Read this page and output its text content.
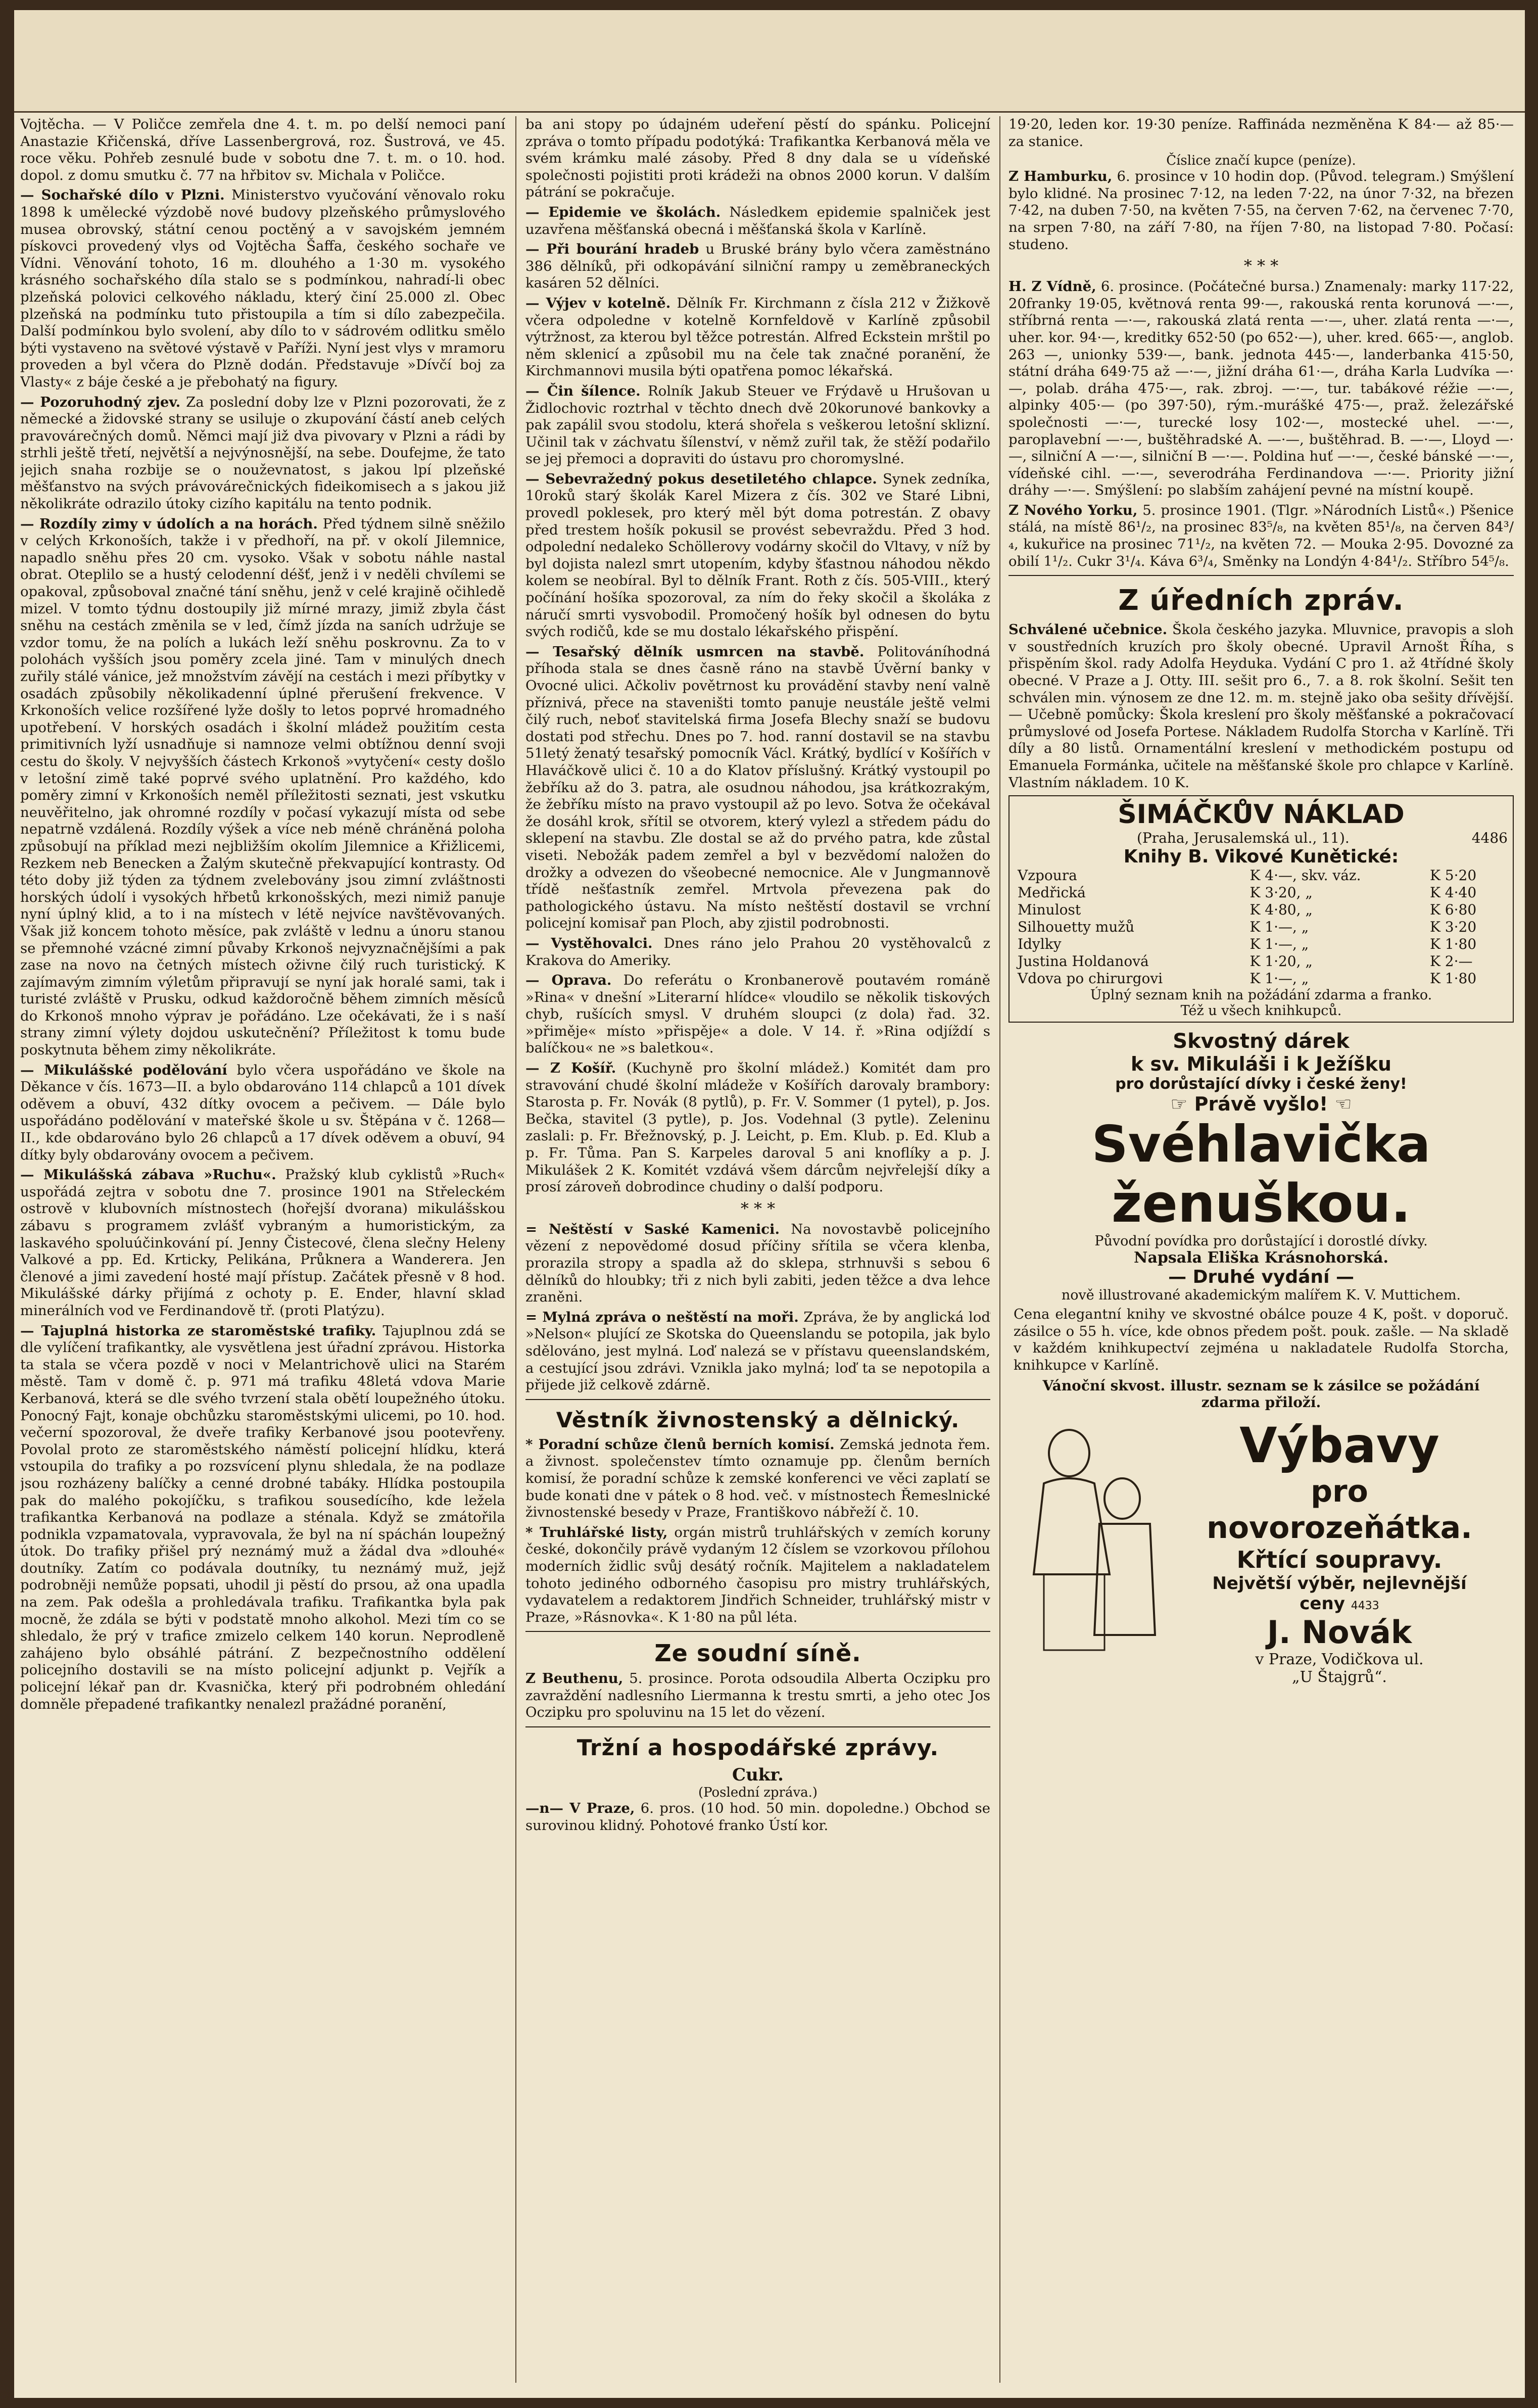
Vojtěcha. — V Poličce zemřela dne 4. t. m. po delší nemoci paní Anastazie Křičenská, dříve Lassenbergrová, roz. Šustrová, ve 45. roce věku. Pohřeb zesnulé bude v sobotu dne 7. t. m. o 10. hod. dopol. z domu smutku č. 77 na hřbitov sv. Michala v Poličce.

— Sochařské dílo v Plzni. Ministerstvo vyučování věnovalo roku 1898 k umělecké výzdobě nové budovy plzeňského průmyslového musea obrovský, státní cenou poctěný a v savojském jemném pískovci provedený vlys od Vojtěcha Šaffa, českého sochaře ve Vídni. Věnování tohoto, 16 m. dlouhého a 1·30 m. vysokého krásného sochařského díla stalo se s podmínkou, nahradí-li obec plzeňská polovici celkového nákladu, který činí 25.000 zl. Obec plzeňská na podmínku tuto přistoupila a tím si dílo zabezpečila. Další podmínkou bylo svolení, aby dílo to v sádrovém odlitku smělo býti vystaveno na světové výstavě v Paříži. Nyní jest vlys v mramoru proveden a byl včera do Plzně dodán. Představuje »Dívčí boj za Vlasty« z báje české a je přebohatý na figury.

— Pozoruhodný zjev. Za poslední doby lze v Plzni pozorovati, že z německé a židovské strany se usiluje o zkupování částí aneb celých pravovárečných domů. Němci mají již dva pivovary v Plzni a rádi by strhli ještě třetí, největší a nejvýnosnější, na sebe. Doufejme, že tato jejich snaha rozbije se o nouževnatost, s jakou lpí plzeňské měšťanstvo na svých právovárečnických fideikomisech a s jakou již několikráte odrazilo útoky cizího kapitálu na tento podnik.

— Rozdíly zimy v údolích a na horách. Před týdnem silně sněžilo v celých Krkonoších, takže i v předhoří, na př. v okolí Jilemnice, napadlo sněhu přes 20 cm. vysoko. Však v sobotu náhle nastal obrat. Oteplilo se a hustý celodenní déšť, jenž i v neděli chvílemi se opakoval, způsoboval značné tání sněhu, jenž v celé krajině očihledě mizel. V tomto týdnu dostoupily již mírné mrazy, jimiž zbyla část sněhu na cestách změnila se v led, čímž jízda na saních udržuje se vzdor tomu, že na polích a lukách leží sněhu poskrovnu. Za to v polohách vyšších jsou poměry zcela jiné. Tam v minulých dnech zuřily stálé vánice, jež množstvím závějí na cestách i mezi příbytky v osadách způsobily několikadenní úplné přerušení frekvence. V Krkonoších velice rozšířené lyže došly to letos poprvé hromadného upotřebení. V horských osadách i školní mládež použitím cesta primitivních lyží usnadňuje si namnoze velmi obtížnou denní svoji cestu do školy. V nejvyšších částech Krkonoš »vytyčení« cesty došlo v letošní zimě také poprvé svého uplatnění. Pro každého, kdo poměry zimní v Krkonoších neměl příležitosti seznati, jest vskutku neuvěřitelno, jak ohromné rozdíly v počasí vykazují místa od sebe nepatrně vzdálená. Rozdíly výšek a více neb méně chráněná poloha způsobují na příklad mezi nejbližším okolím Jilemnice a Křižlicemi, Rezkem neb Benecken a Žalým skutečně překvapující kontrasty. Od této doby již týden za týdnem zvelebovány jsou zimní zvláštnosti horských údolí i vysokých hřbetů krkonošských, mezi nimiž panuje nyní úplný klid, a to i na místech v létě nejvíce navštěvovaných. Však již koncem tohoto měsíce, pak zvláště v lednu a únoru stanou se přemnohé vzácné zimní půvaby Krkonoš nejvyznačnějšími a pak zase na novo na četných místech oživne čilý ruch turistický. K zajímavým zimním výletům připravují se nyní jak horalé sami, tak i turisté zvláště v Prusku, odkud každoročně během zimních měsíců do Krkonoš mnoho výprav je pořádáno. Lze očekávati, že i s naší strany zimní výlety dojdou uskutečnění? Příležitost k tomu bude poskytnuta během zimy několikráte.

— Mikulášské podělování bylo včera uspořádáno ve škole na Děkance v čís. 1673—II. a bylo obdarováno 114 chlapců a 101 dívek oděvem a obuví, 432 dítky ovocem a pečivem. — Dále bylo uspořádáno podělování v mateřské škole u sv. Štěpána v č. 1268—II., kde obdarováno bylo 26 chlapců a 17 dívek oděvem a obuví, 94 dítky byly obdarovány ovocem a pečivem.

— Mikulášská zábava »Ruchu«. Pražský klub cyklistů »Ruch« uspořádá zejtra v sobotu dne 7. prosince 1901 na Střeleckém ostrově v klubovních místnostech (hořejší dvorana) mikulášskou zábavu s programem zvlášť vybraným a humoristickým, za laskavého spoluúčinkování pí. Jenny Čistecové, člena slečny Heleny Valkové a pp. Ed. Krticky, Pelikána, Průknera a Wanderera. Jen členové a jimi zavedení hosté mají přístup. Začátek přesně v 8 hod. Mikulášské dárky přijímá z ochoty p. E. Ender, hlavní sklad minerálních vod ve Ferdinandově tř. (proti Platýzu).

— Tajuplná historka ze staroměstské trafiky. Tajuplnou zdá se dle vylíčení trafikantky, ale vysvětlena jest úřadní zprávou. Historka ta stala se včera pozdě v noci v Melantrichově ulici na Starém městě. Tam v domě č. p. 971 má trafiku 48letá vdova Marie Kerbanová, která se dle svého tvrzení stala obětí loupežného útoku. Ponocný Fajt, konaje obchůzku staroměstskými ulicemi, po 10. hod. večerní spozoroval, že dveře trafiky Kerbanové jsou pootevřeny. Povolal proto ze staroměstského náměstí policejní hlídku, která vstoupila do trafiky a po rozsvícení plynu shledala, že na podlaze jsou rozházeny balíčky a cenné drobné tabáky. Hlídka postoupila pak do malého pokojíčku, s trafikou sousedícího, kde ležela trafikantka Kerbanová na podlaze a sténala. Když se zmátořila podnikla vzpamatovala, vypravovala, že byl na ní spáchán loupežný útok. Do trafiky přišel prý neznámý muž a žádal dva »dlouhé« doutníky. Zatím co podávala doutníky, tu neznámý muž, jejž podrobněji nemůže popsati, uhodil ji pěstí do prsou, až ona upadla na zem. Pak odešla a prohledávala trafiku. Trafikantka byla pak mocně, že zdála se býti v podstatě mnoho alkohol. Mezi tím co se shledalo, že prý v trafice zmizelo celkem 140 korun. Neprodleně zahájeno bylo obsáhlé pátrání. Z bezpečnostního oddělení policejního dostavili se na místo policejní adjunkt p. Vejřík a policejní lékař pan dr. Kvasnička, který při podrobném ohledání domněle přepadené trafikantky nenalezl pražádné poranění,

ba ani stopy po údajném udeření pěstí do spánku. Policejní zpráva o tomto případu podotýká: Trafikantka Kerbanová měla ve svém krámku malé zásoby. Před 8 dny dala se u vídeňské společnosti pojistiti proti krádeži na obnos 2000 korun. V dalším pátrání se pokračuje.

— Epidemie ve školách. Následkem epidemie spalniček jest uzavřena měšťanská obecná i měšťanská škola v Karlíně.

— Při bourání hradeb u Bruské brány bylo včera zaměstnáno 386 dělníků, při odkopávání silniční rampy u zeměbraneckých kasáren 52 dělníci.

— Výjev v kotelně. Dělník Fr. Kirchmann z čísla 212 v Žižkově včera odpoledne v kotelně Kornfeldově v Karlíně způsobil výtržnost, za kterou byl těžce potrestán. Alfred Eckstein mrštil po něm sklenicí a způsobil mu na čele tak značné poranění, že Kirchmannovi musila býti opatřena pomoc lékařská.

— Čin šílence. Rolník Jakub Steuer ve Frýdavě u Hrušovan u Židlochovic roztrhal v těchto dnech dvě 20korunové bankovky a pak zapálil svou stodolu, která shořela s veškerou letošní sklizní. Učinil tak v záchvatu šílenství, v němž zuřil tak, že stěží podařilo se jej přemoci a dopraviti do ústavu pro choromyslné.

— Sebevražedný pokus desetiletého chlapce. Synek zedníka, 10roků starý školák Karel Mizera z čís. 302 ve Staré Libni, provedl poklesek, pro který měl být doma potrestán. Z obavy před trestem hošík pokusil se provést sebevraždu. Před 3 hod. odpolední nedaleko Schöllerovy vodárny skočil do Vltavy, v níž by byl dojista nalezl smrt utopením, kdyby šťastnou náhodou někdo kolem se neobíral. Byl to dělník Frant. Roth z čís. 505-VIII., který počínání hošíka spozoroval, za ním do řeky skočil a školáka z náručí smrti vysvobodil. Promočený hošík byl odnesen do bytu svých rodičů, kde se mu dostalo lékařského přispění.

— Tesařský dělník usmrcen na stavbě. Politováníhodná příhoda stala se dnes časně ráno na stavbě Úvěrní banky v Ovocné ulici. Ačkoliv povětrnost ku provádění stavby není valně příznivá, přece na staveništi tomto panuje neustále ještě velmi čilý ruch, neboť stavitelská firma Josefa Blechy snaží se budovu dostati pod střechu. Dnes po 7. hod. ranní dostavil se na stavbu 51letý ženatý tesařský pomocník Václ. Krátký, bydlící v Košířích v Hlaváčkově ulici č. 10 a do Klatov příslušný. Krátký vystoupil po žebříku až do 3. patra, ale osudnou náhodou, jsa krátkozrakým, že žebříku místo na pravo vystoupil až po levo. Sotva že očekával že dosáhl krok, sřítil se otvorem, který vylezl a středem pádu do sklepení na stavbu. Zle dostal se až do prvého patra, kde zůstal viseti. Nebožák padem zemřel a byl v bezvědomí naložen do drožky a odvezen do všeobecné nemocnice. Ale v Jungmannově třídě nešťastník zemřel. Mrtvola převezena pak do pathologického ústavu. Na místo neštěstí dostavil se vrchní policejní komisař pan Ploch, aby zjistil podrobnosti.

— Vystěhovalci. Dnes ráno jelo Prahou 20 vystěhovalců z Krakova do Ameriky.

— Oprava. Do referátu o Kronbanerově poutavém románě »Rina« v dnešní »Literarní hlídce« vloudilo se několik tiskových chyb, rušících smysl. V druhém sloupci (z dola) řad. 32. »přiměje« místo »přispěje« a dole. V 14. ř. »Rina odjíždí s balíčkou« ne »s baletkou«.

— Z Košíř. (Kuchyně pro školní mládež.) Komitét dam pro stravování chudé školní mládeže v Košířích darovaly brambory: Starosta p. Fr. Novák (8 pytlů), p. Fr. V. Sommer (1 pytel), p. Jos. Bečka, stavitel (3 pytle), p. Jos. Vodehnal (3 pytle). Zeleninu zaslali: p. Fr. Břežnovský, p. J. Leicht, p. Em. Klub. p. Ed. Klub a p. Fr. Tůma. Pan S. Karpeles daroval 5 ani knoflíky a p. J. Mikulášek 2 K. Komitét vzdává všem dárcům nejvřelejší díky a prosí zároveň dobrodince chudiny o další podporu.

* * *

= Neštěstí v Saské Kamenici. Na novostavbě policejního vězení z nepovědomé dosud příčiny sřítila se včera klenba, prorazila stropy a spadla až do sklepa, strhnuvši s sebou 6 dělníků do hloubky; tři z nich byli zabiti, jeden těžce a dva lehce zraněni.

= Mylná zpráva o neštěstí na moři. Zpráva, že by anglická loď »Nelson« plující ze Skotska do Queenslandu se potopila, jak bylo sdělováno, jest mylná. Loď nalezá se v přístavu queenslandském, a cestující jsou zdrávi. Vznikla jako mylná; loď ta se nepotopila a přijede již celkově zdárně.

Věstník živnostenský a dělnický.

* Poradní schůze členů berních komisí. Zemská jednota řem. a živnost. společenstev tímto oznamuje pp. členům berních komisí, že poradní schůze k zemské konferenci ve věci zaplatí se bude konati dne v pátek o 8 hod. več. v místnostech Řemeslnické živnostenské besedy v Praze, Františkovo nábřeží č. 10.

* Truhlářské listy, orgán mistrů truhlářských v zemích koruny české, dokončily právě vydaným 12 číslem se vzorkovou přílohou moderních židlic svůj desátý ročník. Majitelem a nakladatelem tohoto jediného odborného časopisu pro mistry truhlářských, vydavatelem a redaktorem Jindřich Schneider, truhlářský mistr v Praze, »Rásnovka«. K 1·80 na půl léta.

Ze soudní síně.

Z Beuthenu, 5. prosince. Porota odsoudila Alberta Oczipku pro zavraždění nadlesního Liermanna k trestu smrti, a jeho otec Jos Oczipku pro spoluvinu na 15 let do vězení.

Tržní a hospodářské zprávy.
Cukr.
(Poslední zpráva.)

—n— V Praze, 6. pros. (10 hod. 50 min. dopoledne.) Obchod se surovinou klidný. Pohotové franko Ústí kor.

19·20, leden kor. 19·30 peníze. Raffináda nezměněna K 84·— až 85·— za stanice.

Číslice značí kupce (peníze).

Z Hamburku, 6. prosince v 10 hodin dop. (Původ. telegram.) Smýšlení bylo klidné. Na prosinec 7·12, na leden 7·22, na únor 7·32, na březen 7·42, na duben 7·50, na květen 7·55, na červen 7·62, na červenec 7·70, na srpen 7·80, na září 7·80, na říjen 7·80, na listopad 7·80. Počasí: studeno.

* * *

H. Z Vídně, 6. prosince. (Počátečné bursa.) Znamenaly: marky 117·22, 20franky 19·05, květnová renta 99·—, rakouská renta korunová —·—, stříbrná renta —·—, rakouská zlatá renta —·—, uher. zlatá renta —·—, uher. kor. 94·—, kreditky 652·50 (po 652·—), uher. kred. 665·—, anglob. 263 —, unionky 539·—, bank. jednota 445·—, landerbanka 415·50, státní dráha 649·75 až —·—, jižní dráha 61·—, dráha Karla Ludvíka —·—, polab. dráha 475·—, rak. zbroj. —·—, tur. tabákové réžie —·—, alpinky 405·— (po 397·50), rým.-murášké 475·—, praž. železářské společnosti —·—, turecké losy 102·—, mostecké uhel. —·—, paroplavební —·—, buštěhradské A. —·—, buštěhrad. B. —·—, Lloyd —·—, silniční A —·—, silniční B —·—. Poldina huť —·—, české bánské —·—, vídeňské cihl. —·—, severodráha Ferdinandova —·—. Priority jižní dráhy —·—. Smýšlení: po slabším zahájení pevné na místní koupě.

Z Nového Yorku, 5. prosince 1901. (Tlgr. »Národních Listů«.) Pšenice stálá, na místě 86¹/₂, na prosinec 83⁵/₈, na květen 85¹/₈, na červen 84³/₄, kukuřice na prosinec 71¹/₂, na květen 72. — Mouka 2·95. Dovozné za obilí 1¹/₂. Cukr 3¹/₄. Káva 6³/₄, Směnky na Londýn 4·84¹/₂. Stříbro 54⁵/₈.

Z úředních zpráv.

Schválené učebnice. Škola českého jazyka. Mluvnice, pravopis a sloh v soustředních kruzích pro školy obecné. Upravil Arnošt Říha, s přispěním škol. rady Adolfa Heyduka. Vydání C pro 1. až 4třídné školy obecné. V Praze a J. Otty. III. sešit pro 6., 7. a 8. rok školní. Sešit ten schválen min. výnosem ze dne 12. m. m. stejně jako oba sešity dřívější. — Učebně pomůcky: Škola kreslení pro školy měšťanské a pokračovací průmyslové od Josefa Portese. Nákladem Rudolfa Storcha v Karlíně. Tři díly a 80 listů. Ornamentální kreslení v methodickém postupu od Emanuela Formánka, učitele na měšťanské škole pro chlapce v Karlíně. Vlastním nákladem. 10 K.

ŠIMÁČKŮV NÁKLAD
(Praha, Jerusalemská ul., 11).	4486
Knihy B. Vikové Kunětické:
Vzpoura	K 4·—, skv. váz.	K 5·20
Medřická	K 3·20, „	K 4·40
Minulost	K 4·80, „	K 6·80
Silhouetty mužů	K 1·—, „	K 3·20
Idylky	K 1·—, „	K 1·80
Justina Holdanová	K 1·20, „	K 2·—
Vdova po chirurgovi	K 1·—, „	K 1·80

Úplný seznam knih na požádání zdarma a franko.
Též u všech knihkupců.
Skvostný dárek
k sv. Mikuláši i k Ježíšku
pro dorůstající dívky i české ženy!
☞ Právě vyšlo! ☜
Svéhlavička
ženuškou.
Původní povídka pro dorůstající i dorostlé dívky.
Napsala Eliška Krásnohorská.
— Druhé vydání —
nově illustrované akademickým malířem K. V. Muttichem.

Cena elegantní knihy ve skvostné obálce pouze 4 K, pošt. v doporuč. zásilce o 55 h. více, kde obnos předem pošt. pouk. zašle. — Na skladě v každém knihkupectví zejména u nakladatele Rudolfa Storcha, knihkupce v Karlíně.

Vánoční skvost. illustr. seznam se k zásilce se požádání zdarma přiloží.
Výbavy
pro novorozeňátka.
Křtící soupravy.
Největší výběr, nejlevnější
ceny 4433
J. Novák
v Praze, Vodičkova ul.
„U Štajgrů“.
